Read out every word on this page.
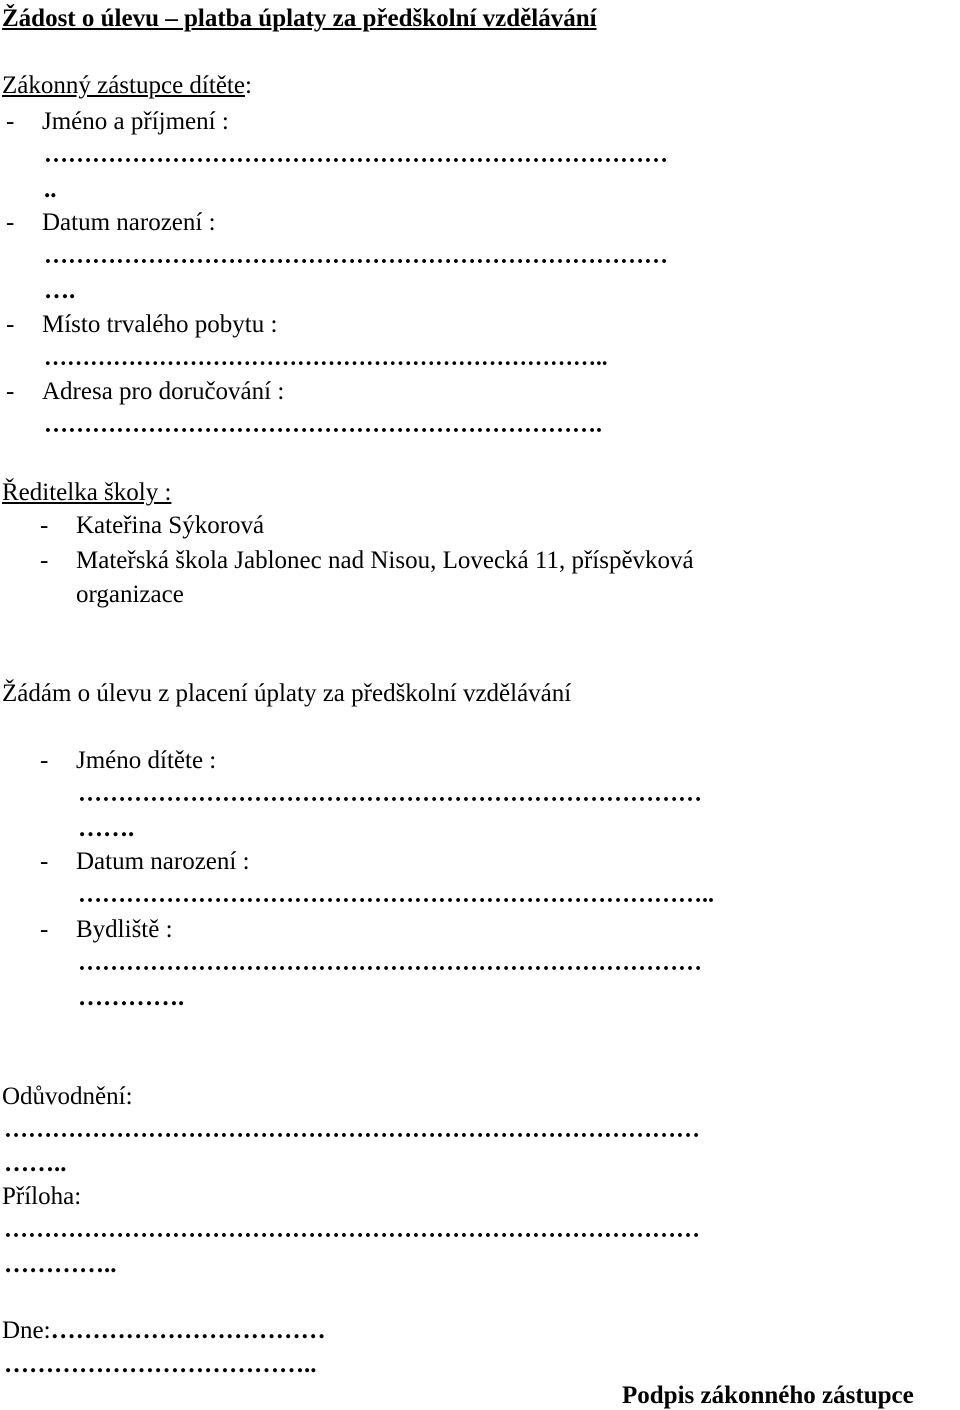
Žádost o úlevu – platba úplaty za předškolní vzdělávání
Zákonný zástupce dítěte:
- Jméno a příjmení :
……………………………………………………………………
..
- Datum narození :
……………………………………………………………………
….
- Místo trvalého pobytu :
………………………………………………………………..
- Adresa pro doručování :
…………………………………………………………….
Ředitelka školy :
- Kateřina Sýkorová
- Mateřská škola Jablonec nad Nisou, Lovecká 11, příspěvková
organizace
Žádám o úlevu z placení úplaty za předškolní vzdělávání
- Jméno dítěte :
……………………………………………………………………
…….
- Datum narození :
……………………………………………………………………..
- Bydliště :
……………………………………………………………………
………….
Odůvodnění:
……………………………………………………………………………
……..
Příloha:
……………………………………………………………………………
…………..
Dne:……………………………
………………………………..
Podpis zákonného zástupce
